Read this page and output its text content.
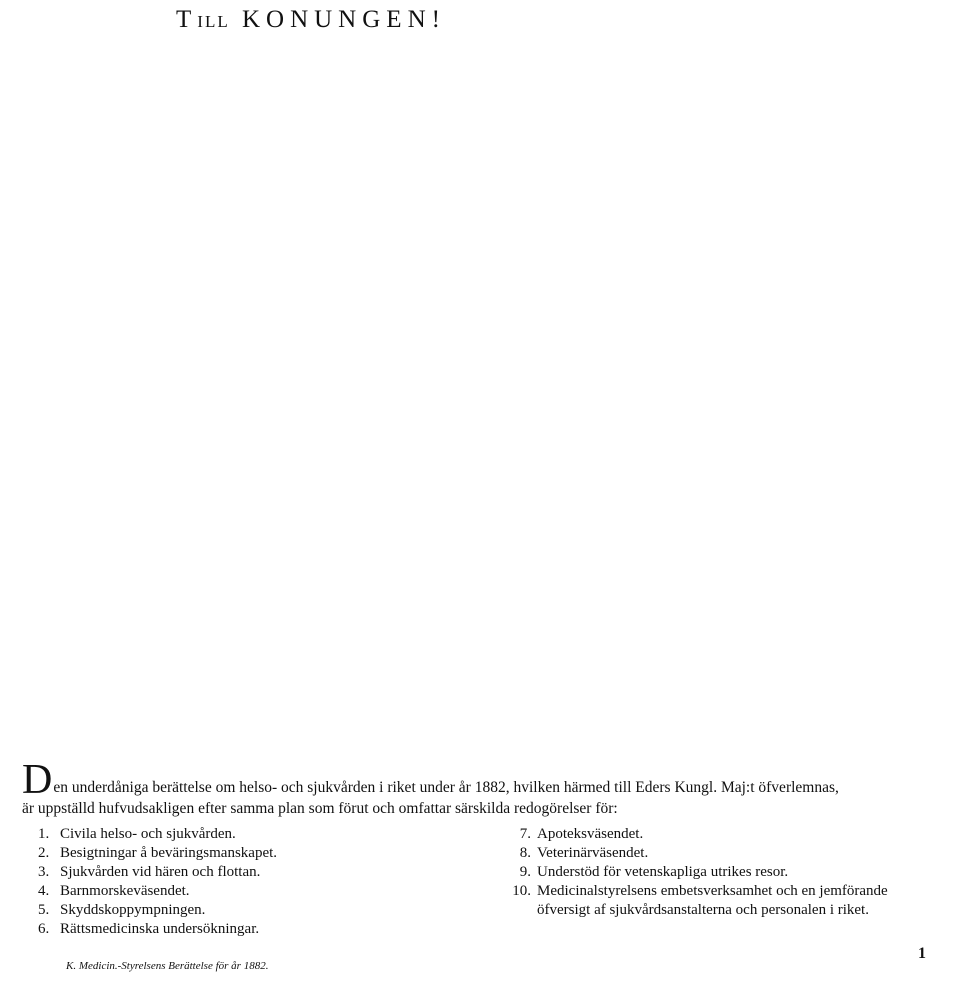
TILL KONUNGEN!
Den underdåniga berättelse om helso- och sjukvården i riket under år 1882, hvilken härmed till Eders Kungl. Maj:t öfverlemnas,
är uppställd hufvudsakligen efter samma plan som förut och omfattar särskilda redogörelser för:
1. Civila helso- och sjukvården.
2. Besigtningar å beväringsmanskapet.
3. Sjukvården vid hären och flottan.
4. Barnmorskeväsendet.
5. Skyddskoppympningen.
6. Rättsmedicinska undersökningar.
7. Apoteksväsendet.
8. Veterinärväsendet.
9. Understöd för vetenskapliga utrikes resor.
10. Medicinalstyrelsens embetsverksamhet och en jemförande
öfversigt af sjukvårdsanstalterna och personalen i riket.
K. Medicin.-Styrelsens Berättelse för år 1882.
1
